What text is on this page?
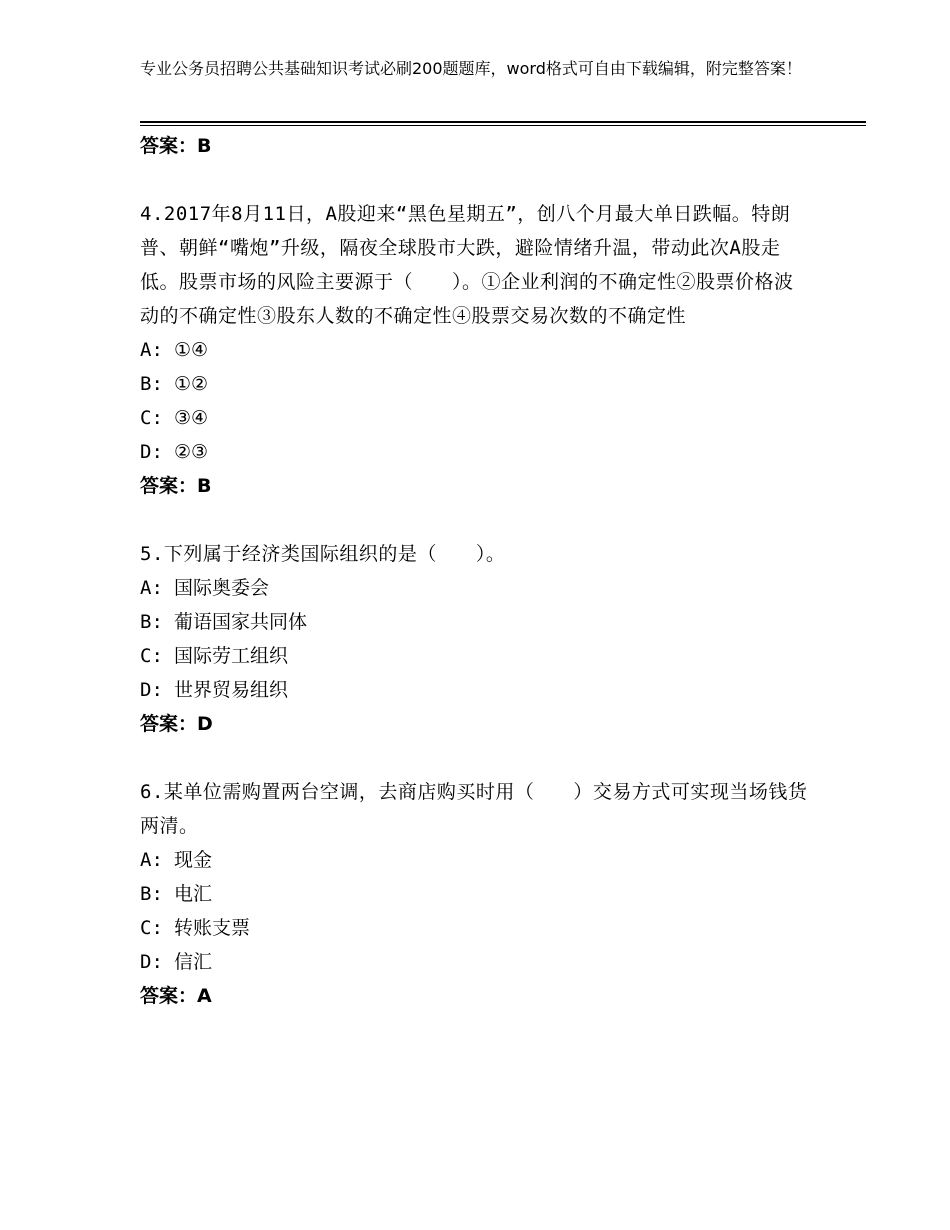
专业公务员招聘公共基础知识考试必刷200题题库，word格式可自由下载编辑，附完整答案！
答案：B
4.2017年8月11日，A股迎来“黑色星期五”，创八个月最大单日跌幅。特朗普、朝鲜“嘴炮”升级，隔夜全球股市大跌，避险情绪升温，带动此次A股走低。股票市场的风险主要源于（　　）。①企业利润的不确定性②股票价格波动的不确定性③股东人数的不确定性④股票交易次数的不确定性
A: ①④
B: ①②
C: ③④
D: ②③
答案：B
5.下列属于经济类国际组织的是（　　）。
A: 国际奥委会
B: 葡语国家共同体
C: 国际劳工组织
D: 世界贸易组织
答案：D
6.某单位需购置两台空调，去商店购买时用（　　）交易方式可实现当场钱货两清。
A: 现金
B: 电汇
C: 转账支票
D: 信汇
答案：A
